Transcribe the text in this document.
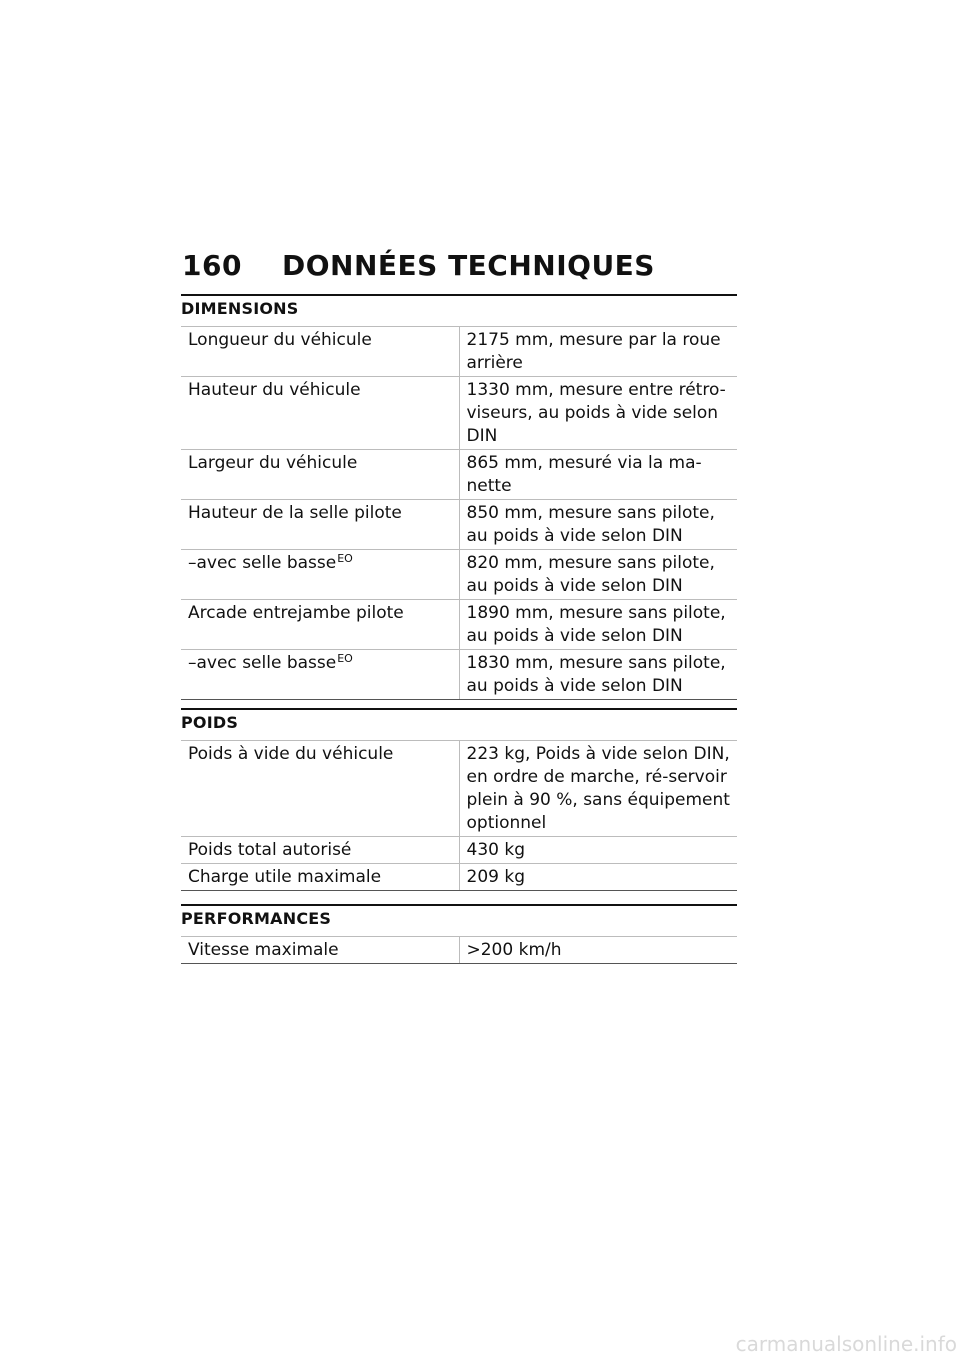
160 DONNÉES TECHNIQUES
DIMENSIONS
Longueur du véhicule	2175 mm, mesure par la roue arrière
Hauteur du véhicule	1330 mm, mesure entre rétro-viseurs, au poids à vide selon DIN
Largeur du véhicule	865 mm, mesuré via la ma-nette
Hauteur de la selle pilote	850 mm, mesure sans pilote, au poids à vide selon DIN
–avec selle basse$^{EO}$	820 mm, mesure sans pilote, au poids à vide selon DIN
Arcade entrejambe pilote	1890 mm, mesure sans pilote, au poids à vide selon DIN
–avec selle basse$^{EO}$	1830 mm, mesure sans pilote, au poids à vide selon DIN
POIDS
Poids à vide du véhicule	223 kg, Poids à vide selon DIN, en ordre de marche, ré-servoir plein à 90 %, sans équipement optionnel
Poids total autorisé	430 kg
Charge utile maximale	209 kg
PERFORMANCES
Vitesse maximale	>200 km/h
carmanualsonline.info
